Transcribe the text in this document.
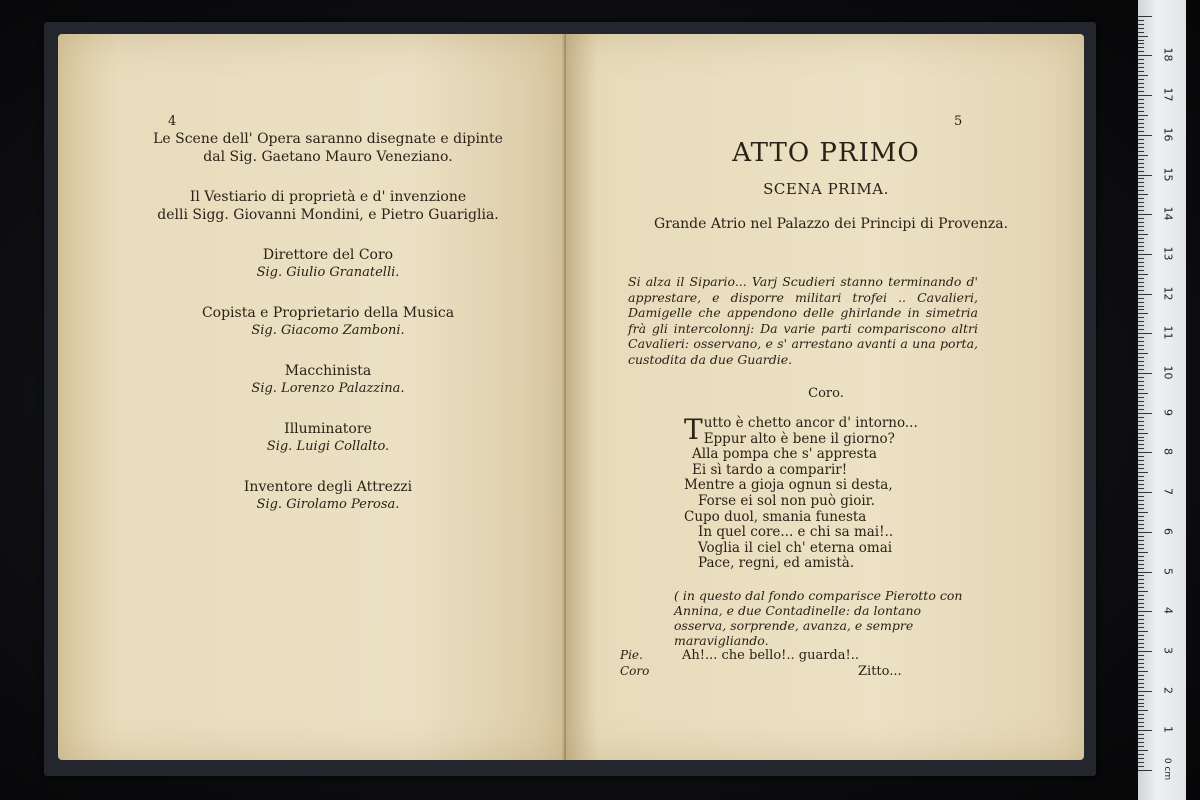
4
Le Scene dell' Opera saranno disegnate e dipinte
dal Sig. Gaetano Mauro Veneziano.
Il Vestiario di proprietà e d' invenzione
delli Sigg. Giovanni Mondini, e Pietro Guariglia.
Direttore del Coro
Sig. Giulio Granatelli.
Copista e Proprietario della Musica
Sig. Giacomo Zamboni.
Macchinista
Sig. Lorenzo Palazzina.
Illuminatore
Sig. Luigi Collalto.
Inventore degli Attrezzi
Sig. Girolamo Perosa.
5
ATTO PRIMO
SCENA PRIMA.
Grande Atrio nel Palazzo dei Principi di Provenza.
Si alza il Sipario... Varj Scudieri stanno terminando d' apprestare, e disporre militari trofei .. Cavalieri, Damigelle che appendono delle ghirlande in simetria frà gli intercolonnj: Da varie parti compariscono altri Cavalieri: osservano, e s' arrestano avanti a una porta, custodita da due Guardie.
Coro.
T utto è chetto ancor d' intorno...
Eppur alto è bene il giorno?
Alla pompa che s' appresta
Ei sì tardo a comparir!
Mentre a gioja ognun si desta,
Forse ei sol non può gioir.
Cupo duol, smania funesta
In quel core... e chi sa mai!..
Voglia il ciel ch' eterna omai
Pace, regni, ed amistà.
( in questo dal fondo comparisce Pierotto con Annina, e due Contadinelle: da lontano osserva, sorprende, avanza, e sempre maravigliando.
Pie.	Ah!... che bello!.. guarda!..
Coro	Zitto...
1
2
3
4
5
6
7
8
9
10
11
12
13
14
15
16
17
18
0 cm
